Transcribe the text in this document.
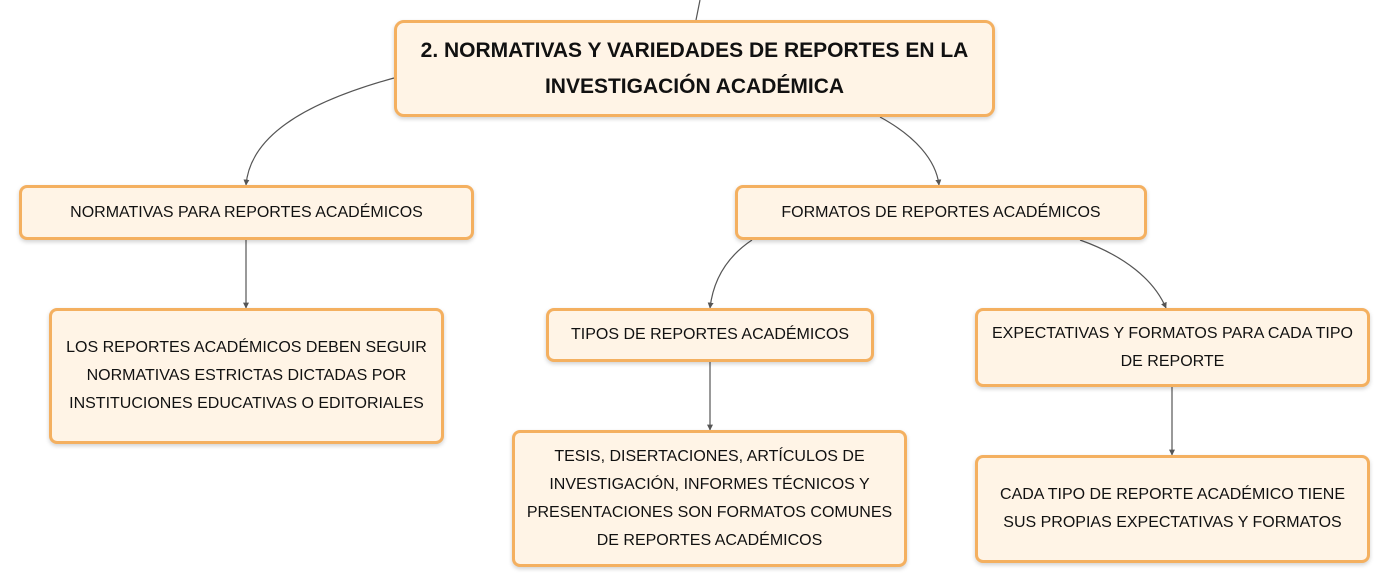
2. NORMATIVAS Y VARIEDADES DE REPORTES EN LA INVESTIGACIÓN ACADÉMICA
NORMATIVAS PARA REPORTES ACADÉMICOS
LOS REPORTES ACADÉMICOS DEBEN SEGUIR NORMATIVAS ESTRICTAS DICTADAS POR INSTITUCIONES EDUCATIVAS O EDITORIALES
FORMATOS DE REPORTES ACADÉMICOS
TIPOS DE REPORTES ACADÉMICOS
TESIS, DISERTACIONES, ARTÍCULOS DE INVESTIGACIÓN, INFORMES TÉCNICOS Y PRESENTACIONES SON FORMATOS COMUNES DE REPORTES ACADÉMICOS
EXPECTATIVAS Y FORMATOS PARA CADA TIPO DE REPORTE
CADA TIPO DE REPORTE ACADÉMICO TIENE SUS PROPIAS EXPECTATIVAS Y FORMATOS
